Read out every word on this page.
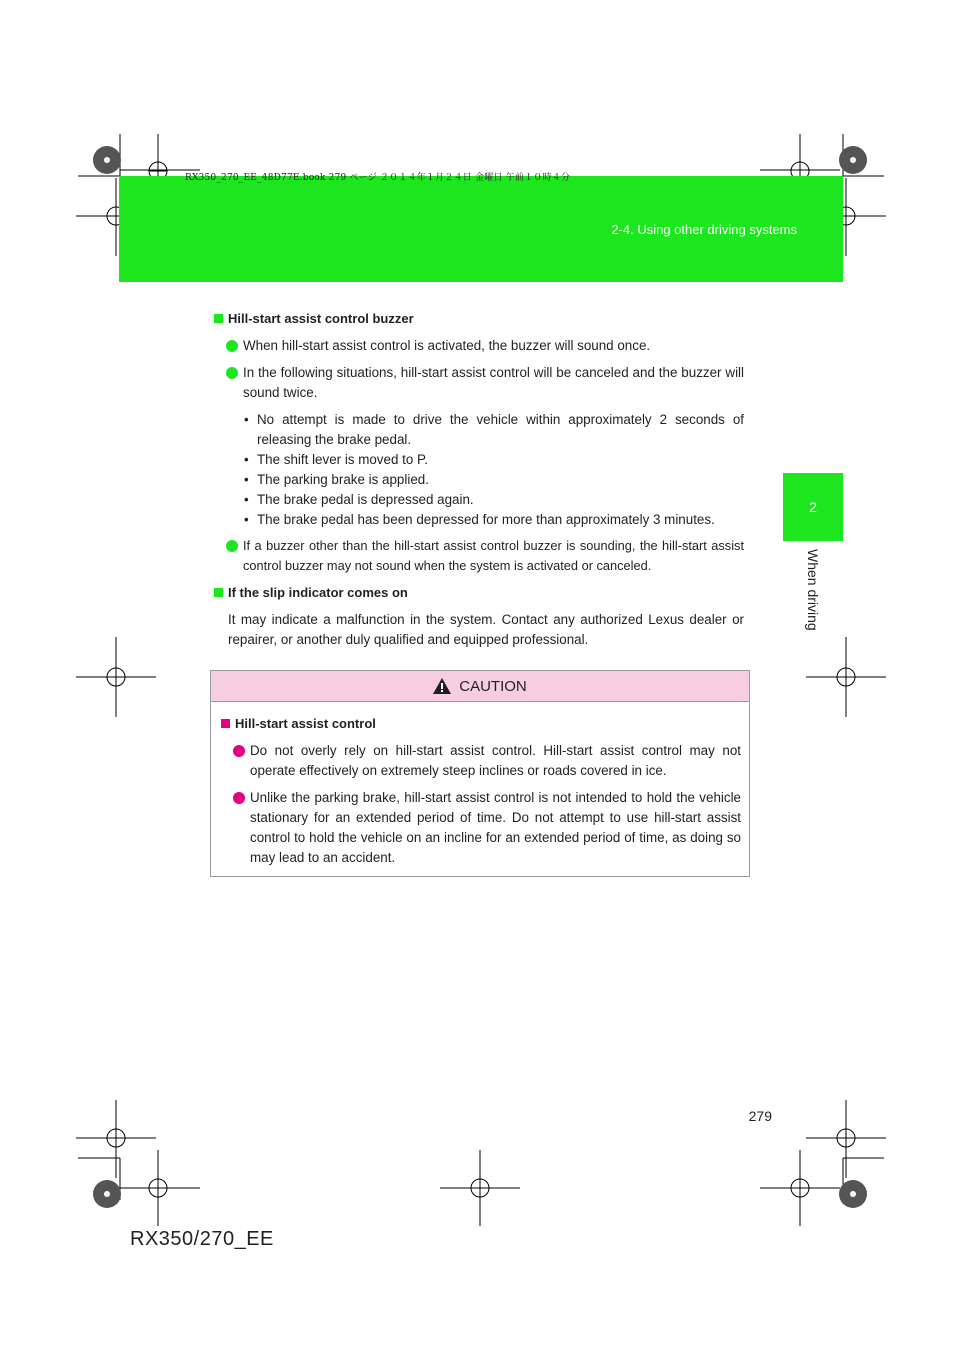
RX350_270_EE_48D77E.book 279 ページ ２０１４年１月２４日 金曜日 午前１０時４分
2-4. Using other driving systems
2
When driving
Hill-start assist control buzzer
When hill-start assist control is activated, the buzzer will sound once.
In the following situations, hill-start assist control will be canceled and the buzzer will sound twice.
• No attempt is made to drive the vehicle within approximately 2 seconds of releasing the brake pedal.
• The shift lever is moved to P.
• The parking brake is applied.
• The brake pedal is depressed again.
• The brake pedal has been depressed for more than approximately 3 minutes.
If a buzzer other than the hill-start assist control buzzer is sounding, the hill-start assist control buzzer may not sound when the system is activated or canceled.
If the slip indicator comes on
It may indicate a malfunction in the system. Contact any authorized Lexus dealer or repairer, or another duly qualified and equipped professional.
CAUTION
Hill-start assist control
Do not overly rely on hill-start assist control. Hill-start assist control may not operate effectively on extremely steep inclines or roads covered in ice.
Unlike the parking brake, hill-start assist control is not intended to hold the vehicle stationary for an extended period of time. Do not attempt to use hill-start assist control to hold the vehicle on an incline for an extended period of time, as doing so may lead to an accident.
279
RX350/270_EE
